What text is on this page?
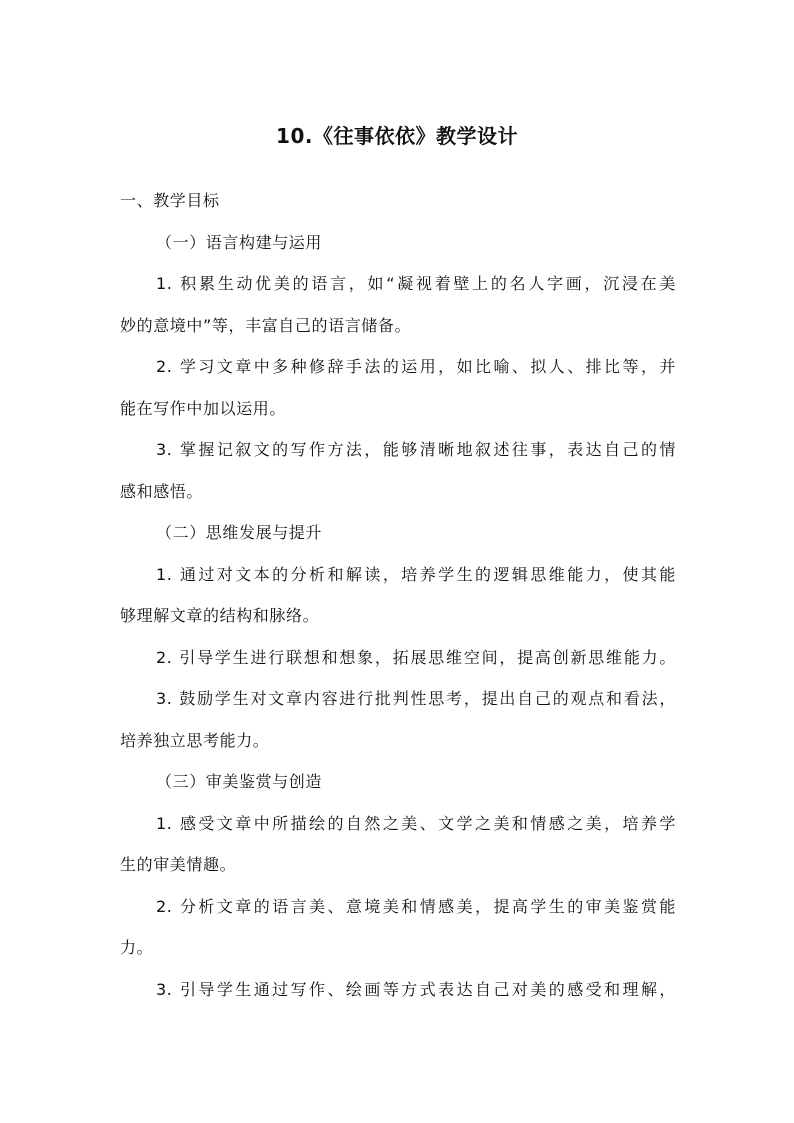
10.《往事依依》教学设计

一、教学目标

（一）语言构建与运用

1. 积累生动优美的语言，如“凝视着壁上的名人字画，沉浸在美

妙的意境中”等，丰富自己的语言储备。

2. 学习文章中多种修辞手法的运用，如比喻、拟人、排比等，并

能在写作中加以运用。

3. 掌握记叙文的写作方法，能够清晰地叙述往事，表达自己的情

感和感悟。

（二）思维发展与提升

1. 通过对文本的分析和解读，培养学生的逻辑思维能力，使其能

够理解文章的结构和脉络。

2. 引导学生进行联想和想象，拓展思维空间，提高创新思维能力。

3. 鼓励学生对文章内容进行批判性思考，提出自己的观点和看法，

培养独立思考能力。

（三）审美鉴赏与创造

1. 感受文章中所描绘的自然之美、文学之美和情感之美，培养学

生的审美情趣。

2. 分析文章的语言美、意境美和情感美，提高学生的审美鉴赏能

力。

3. 引导学生通过写作、绘画等方式表达自己对美的感受和理解，
